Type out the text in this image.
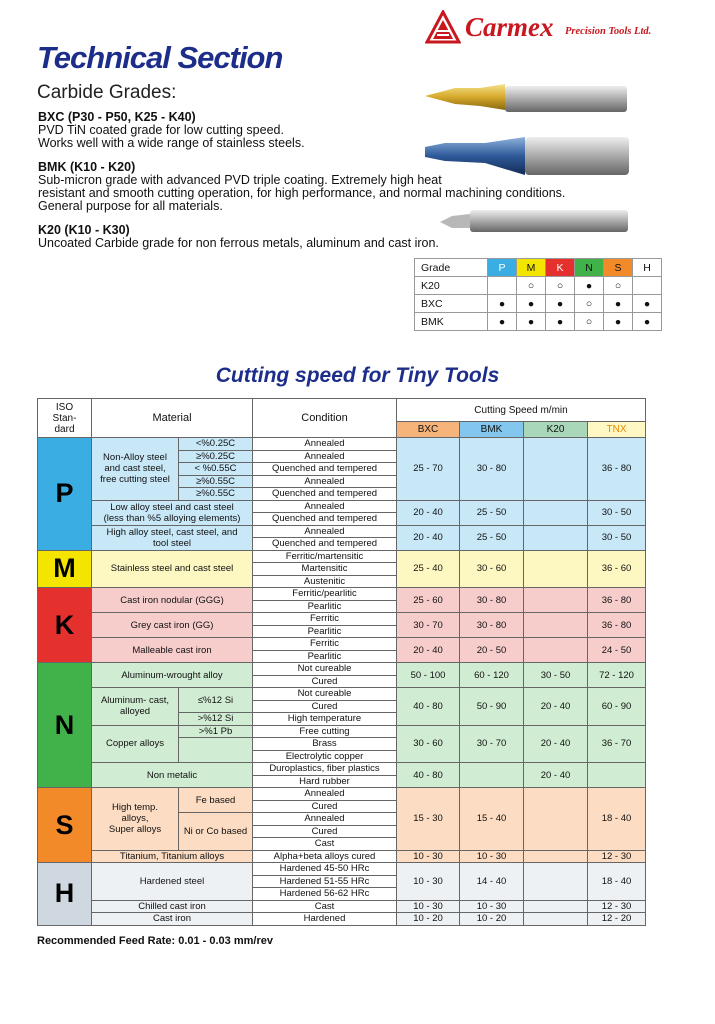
Carmex Precision Tools Ltd.
Technical Section
Carbide Grades:
BXC (P30 - P50, K25 - K40)
PVD TiN coated grade for low cutting speed.
Works well with a wide range of stainless steels.
BMK (K10 - K20)
Sub-micron grade with advanced PVD triple coating. Extremely high heat
resistant and smooth cutting operation, for high performance, and normal machining conditions.
General purpose for all materials.
K20 (K10 - K30)
Uncoated Carbide grade for non ferrous metals, aluminum and cast iron.
Grade	P	M	K	N	S	H
K20		○	○	●	○	
BXC	●	●	●	○	●	●
BMK	●	●	●	○	●	●
Cutting speed for Tiny Tools
ISO
Stan-
dard	Material		Condition	Cutting Speed m/min			
				BXC	BMK	K20	TNX
P	Non-Alloy steel
and cast steel,
free cutting steel	<%0.25C	Annealed	25 - 70	30 - 80		36 - 80
		≥%0.25C	Annealed				
		< %0.55C	Quenched and tempered				
		≥%0.55C	Annealed				
		≥%0.55C	Quenched and tempered				
	Low alloy steel and cast steel
(less than %5 alloying elements)		Annealed	20 - 40	25 - 50		30 - 50
			Quenched and tempered				
	High alloy steel, cast steel, and
tool steel		Annealed	20 - 40	25 - 50		30 - 50
			Quenched and tempered				
M	Stainless steel and cast steel		Ferritic/martensitic	25 - 40	30 - 60		36 - 60
			Martensitic				
			Austenitic				
K	Cast iron nodular (GGG)		Ferritic/pearlitic	25 - 60	30 - 80		36 - 80
			Pearlitic				
	Grey cast iron (GG)		Ferritic	30 - 70	30 - 80		36 - 80
			Pearlitic				
	Malleable cast iron		Ferritic	20 - 40	20 - 50		24 - 50
			Pearlitic				
N	Aluminum-wrought alloy		Not cureable	50 - 100	60 - 120	30 - 50	72 - 120
			Cured				
	Aluminum- cast,
alloyed	≤%12 Si	Not cureable	40 - 80	50 - 90	20 - 40	60 - 90
			Cured				
		>%12 Si	High temperature				
	Copper alloys	>%1 Pb	Free cutting	30 - 60	30 - 70	20 - 40	36 - 70
			Brass				
			Electrolytic copper				
	Non metalic		Duroplastics, fiber plastics	40 - 80		20 - 40	
			Hard rubber				
S	High temp.
alloys,
Super alloys	Fe based	Annealed	15 - 30	15 - 40		18 - 40
			Cured				
		Ni or Co based	Annealed				
			Cured				
			Cast				
	Titanium, Titanium alloys		Alpha+beta alloys cured	10 - 30	10 - 30		12 - 30
H	Hardened steel		Hardened 45-50 HRc	10 - 30	14 - 40		18 - 40
			Hardened 51-55 HRc				
			Hardened 56-62 HRc				
	Chilled cast iron		Cast	10 - 30	10 - 30		12 - 30
	Cast iron		Hardened	10 - 20	10 - 20		12 - 20
Recommended Feed Rate: 0.01 - 0.03 mm/rev
